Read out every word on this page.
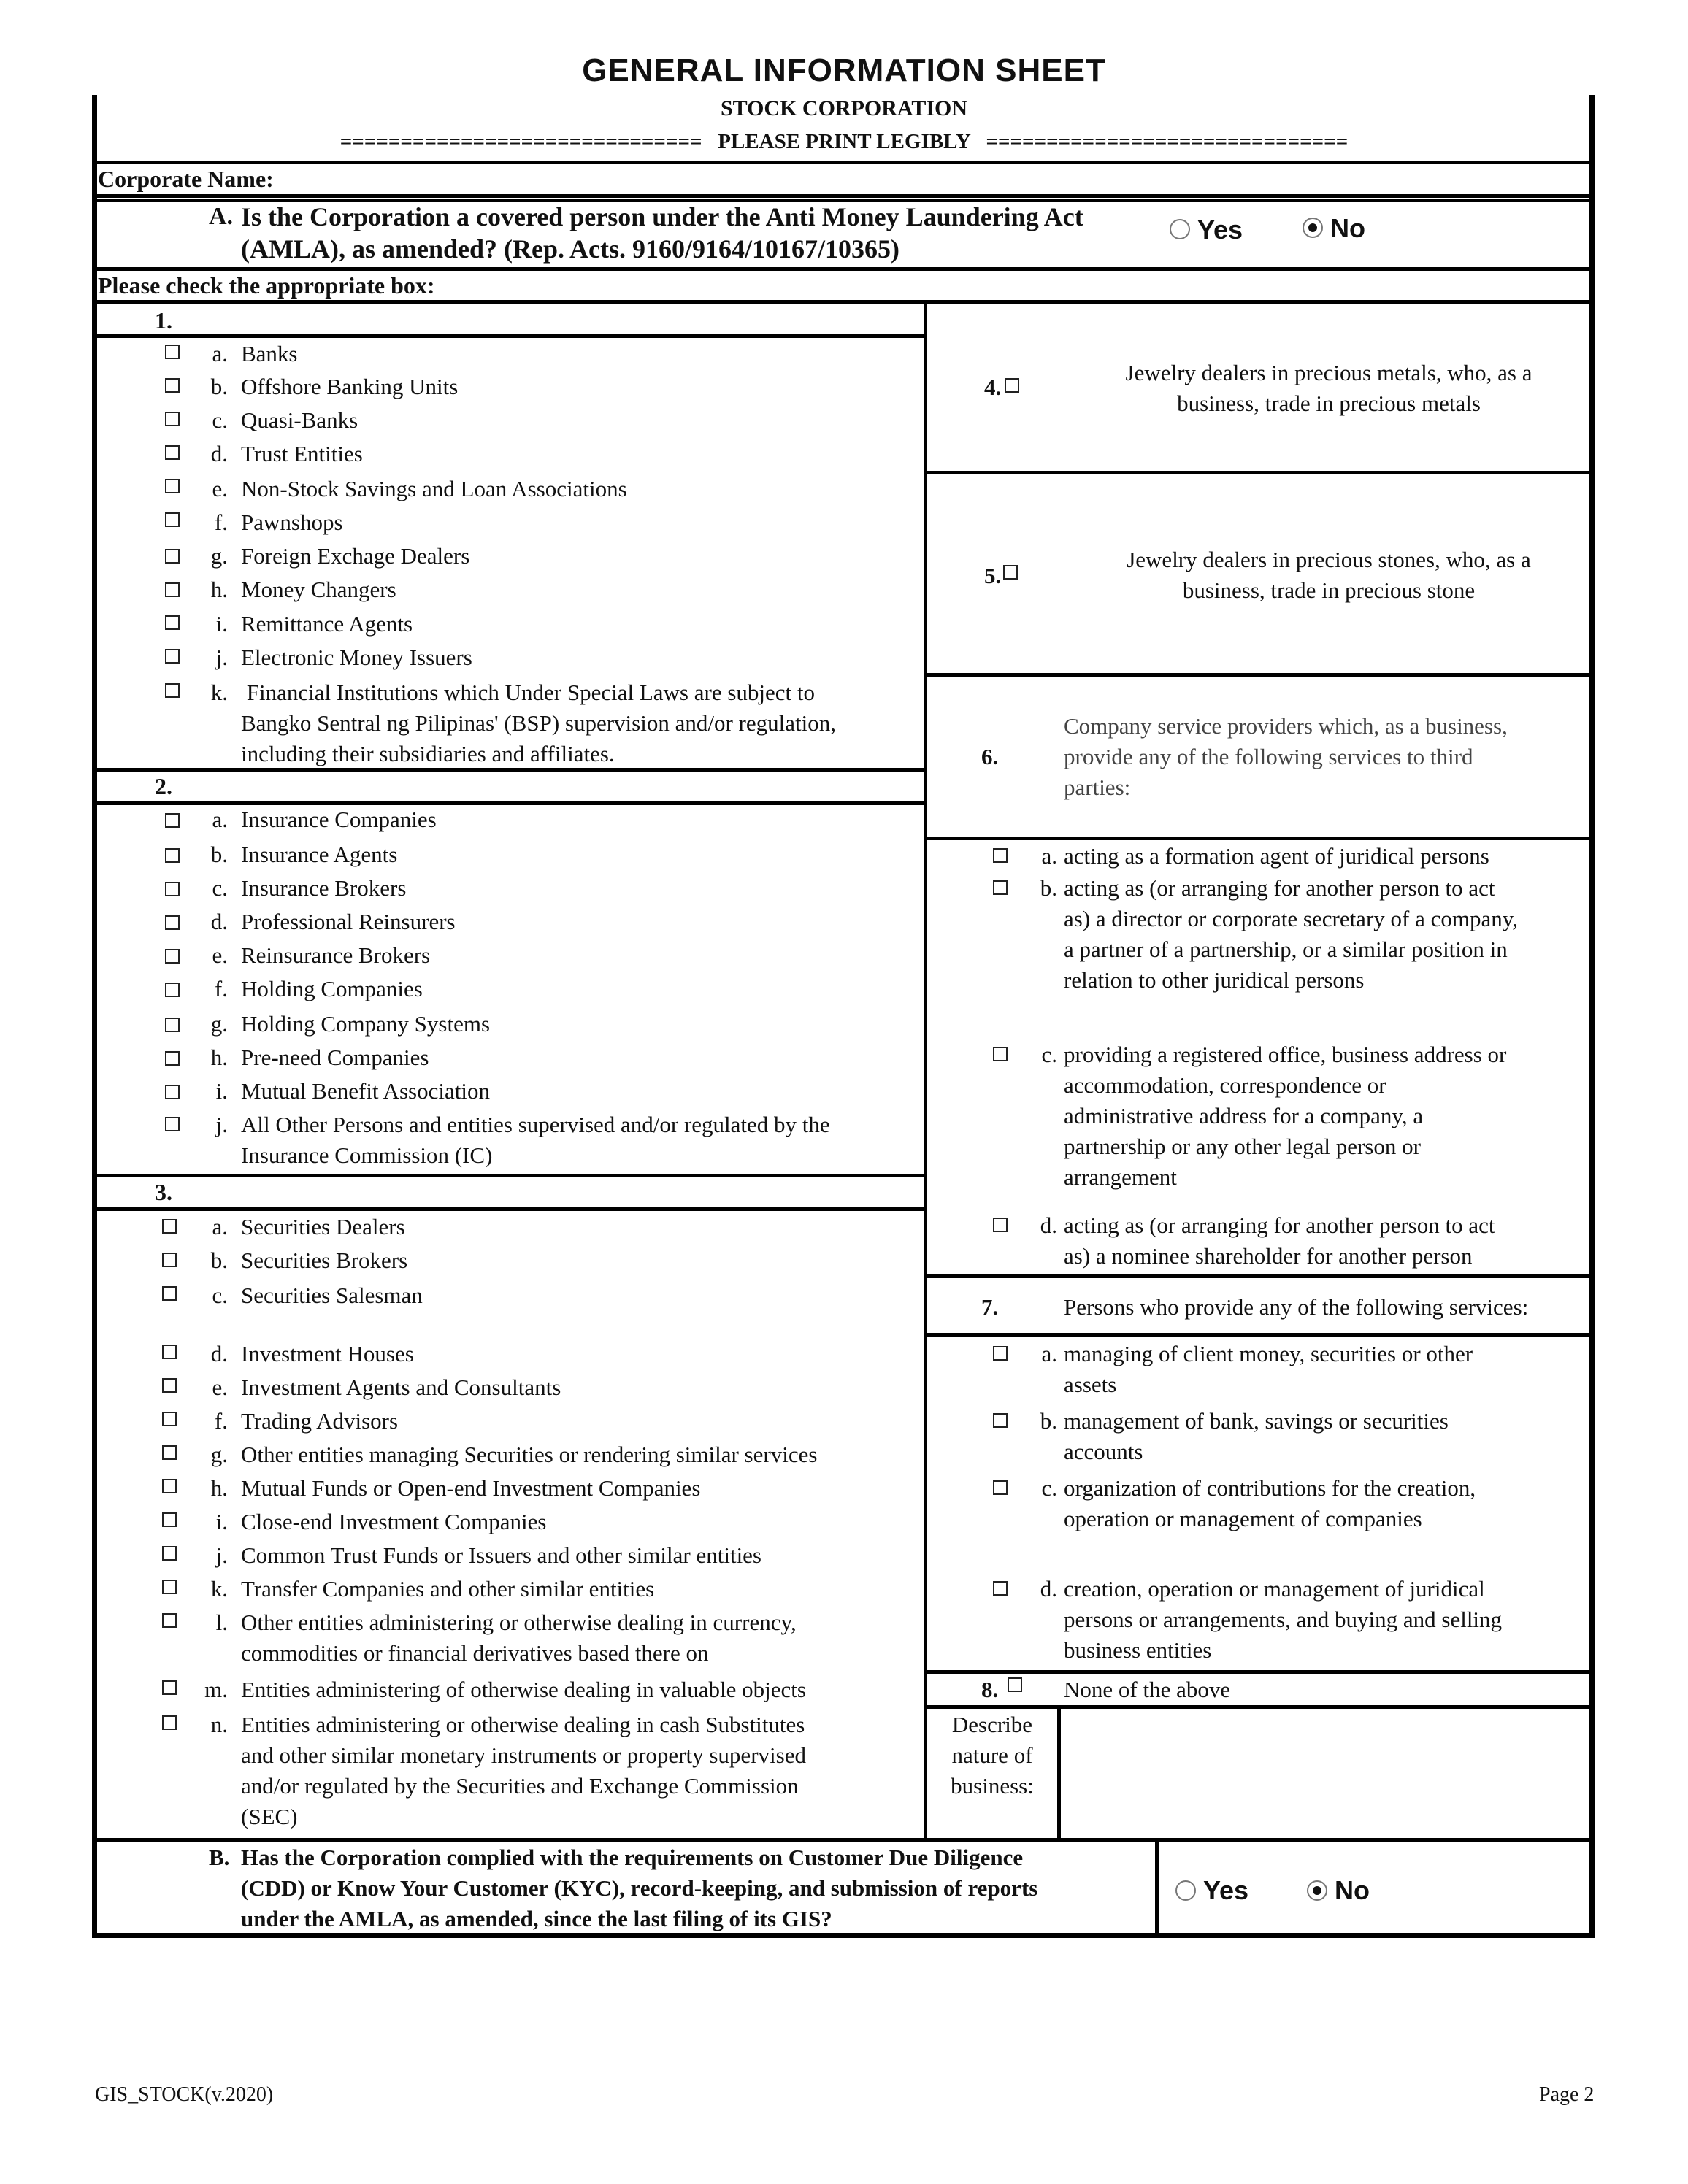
GENERAL INFORMATION SHEET
STOCK CORPORATION
==============================   PLEASE PRINT LEGIBLY   ==============================
Corporate Name:
A. Is the Corporation a covered person under the Anti Money Laundering Act
(AMLA), as amended? (Rep. Acts. 9160/9164/10167/10365)
Yes	No
Please check the appropriate box:
1.
a. Banks
b. Offshore Banking Units
c. Quasi-Banks
d. Trust Entities
e. Non-Stock Savings and Loan Associations
f. Pawnshops
g. Foreign Exchage Dealers
h. Money Changers
i. Remittance Agents
j. Electronic Money Issuers
k. Financial Institutions which Under Special Laws are subject to
Bangko Sentral ng Pilipinas' (BSP) supervision and/or regulation,
including their subsidiaries and affiliates.
2.
a. Insurance Companies
b. Insurance Agents
c. Insurance Brokers
d. Professional Reinsurers
e. Reinsurance Brokers
f. Holding Companies
g. Holding Company Systems
h. Pre-need Companies
i. Mutual Benefit Association
j. All Other Persons and entities supervised and/or regulated by the
Insurance Commission (IC)
3.
a. Securities Dealers
b. Securities Brokers
c. Securities Salesman
d. Investment Houses
e. Investment Agents and Consultants
f. Trading Advisors
g. Other entities managing Securities or rendering similar services
h. Mutual Funds or Open-end Investment Companies
i. Close-end Investment Companies
j. Common Trust Funds or Issuers and other similar entities
k. Transfer Companies and other similar entities
l. Other entities administering or otherwise dealing in currency,
commodities or financial derivatives based there on
m. Entities administering of otherwise dealing in valuable objects
n. Entities administering or otherwise dealing in cash Substitutes
and other similar monetary instruments or property supervised
and/or regulated by the Securities and Exchange Commission
(SEC)
4.
Jewelry dealers in precious metals, who, as a
business, trade in precious metals
5.
Jewelry dealers in precious stones, who, as a
business, trade in precious stone
6.
Company service providers which, as a business,
provide any of the following services to third
parties:
a. acting as a formation agent of juridical persons
b. acting as (or arranging for another person to act
as) a director or corporate secretary of a company,
a partner of a partnership, or a similar position in
relation to other juridical persons
c. providing a registered office, business address or
accommodation, correspondence or
administrative address for a company, a
partnership or any other legal person or
arrangement
d. acting as (or arranging for another person to act
as) a nominee shareholder for another person
7.	Persons who provide any of the following services:
a. managing of client money, securities or other
assets
b. management of bank, savings or securities
accounts
c. organization of contributions for the creation,
operation or management of companies
d. creation, operation or management of juridical
persons or arrangements, and buying and selling
business entities
8.	None of the above
Describe
nature of
business:
B. Has the Corporation complied with the requirements on Customer Due Diligence
(CDD) or Know Your Customer (KYC), record-keeping, and submission of reports
under the AMLA, as amended, since the last filing of its GIS?
Yes	No
GIS_STOCK(v.2020)	Page 2
